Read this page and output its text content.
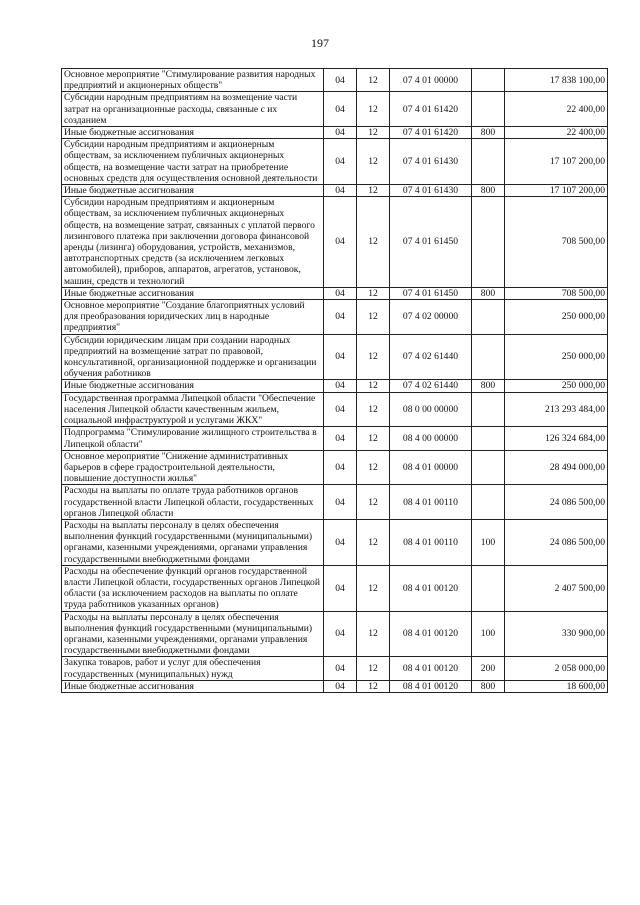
197
Основное мероприятие "Стимулирование развития народных предприятий и акционерных обществ"	04	12	07 4 01 00000		17 838 100,00
Субсидии народным предприятиям на возмещение части затрат на организационные расходы, связанные с их созданием	04	12	07 4 01 61420		22 400,00
Иные бюджетные ассигнования	04	12	07 4 01 61420	800	22 400,00
Субсидии народным предприятиям и акционерным обществам, за исключением публичных акционерных обществ, на возмещение части затрат на приобретение основных средств для осуществления основной деятельности	04	12	07 4 01 61430		17 107 200,00
Иные бюджетные ассигнования	04	12	07 4 01 61430	800	17 107 200,00
Субсидии народным предприятиям и акционерным обществам, за исключением публичных акционерных обществ, на возмещение затрат, связанных с уплатой первого лизингового платежа при заключении договора финансовой аренды (лизинга) оборудования, устройств, механизмов, автотранспортных средств (за исключением легковых автомобилей), приборов, аппаратов, агрегатов, установок, машин, средств и технологий	04	12	07 4 01 61450		708 500,00
Иные бюджетные ассигнования	04	12	07 4 01 61450	800	708 500,00
Основное мероприятие "Создание благоприятных условий для преобразования юридических лиц в народные предприятия"	04	12	07 4 02 00000		250 000,00
Субсидии юридическим лицам при создании народных предприятий на возмещение затрат по правовой, консультативной, организационной поддержке и организации обучения работников	04	12	07 4 02 61440		250 000,00
Иные бюджетные ассигнования	04	12	07 4 02 61440	800	250 000,00
Государственная программа Липецкой области "Обеспечение населения Липецкой области качественным жильем, социальной инфраструктурой и услугами ЖКХ"	04	12	08 0 00 00000		213 293 484,00
Подпрограмма "Стимулирование жилищного строительства в Липецкой области"	04	12	08 4 00 00000		126 324 684,00
Основное мероприятие "Снижение административных барьеров в сфере градостроительной деятельности, повышение доступности жилья"	04	12	08 4 01 00000		28 494 000,00
Расходы на выплаты по оплате труда работников органов государственной власти Липецкой области, государственных органов Липецкой области	04	12	08 4 01 00110		24 086 500,00
Расходы на выплаты персоналу в целях обеспечения выполнения функций государственными (муниципальными) органами, казенными учреждениями, органами управления государственными внебюджетными фондами	04	12	08 4 01 00110	100	24 086 500,00
Расходы на обеспечение функций органов государственной власти Липецкой области, государственных органов Липецкой области (за исключением расходов на выплаты по оплате труда работников указанных органов)	04	12	08 4 01 00120		2 407 500,00
Расходы на выплаты персоналу в целях обеспечения выполнения функций государственными (муниципальными) органами, казенными учреждениями, органами управления государственными внебюджетными фондами	04	12	08 4 01 00120	100	330 900,00
Закупка товаров, работ и услуг для обеспечения государственных (муниципальных) нужд	04	12	08 4 01 00120	200	2 058 000,00
Иные бюджетные ассигнования	04	12	08 4 01 00120	800	18 600,00
